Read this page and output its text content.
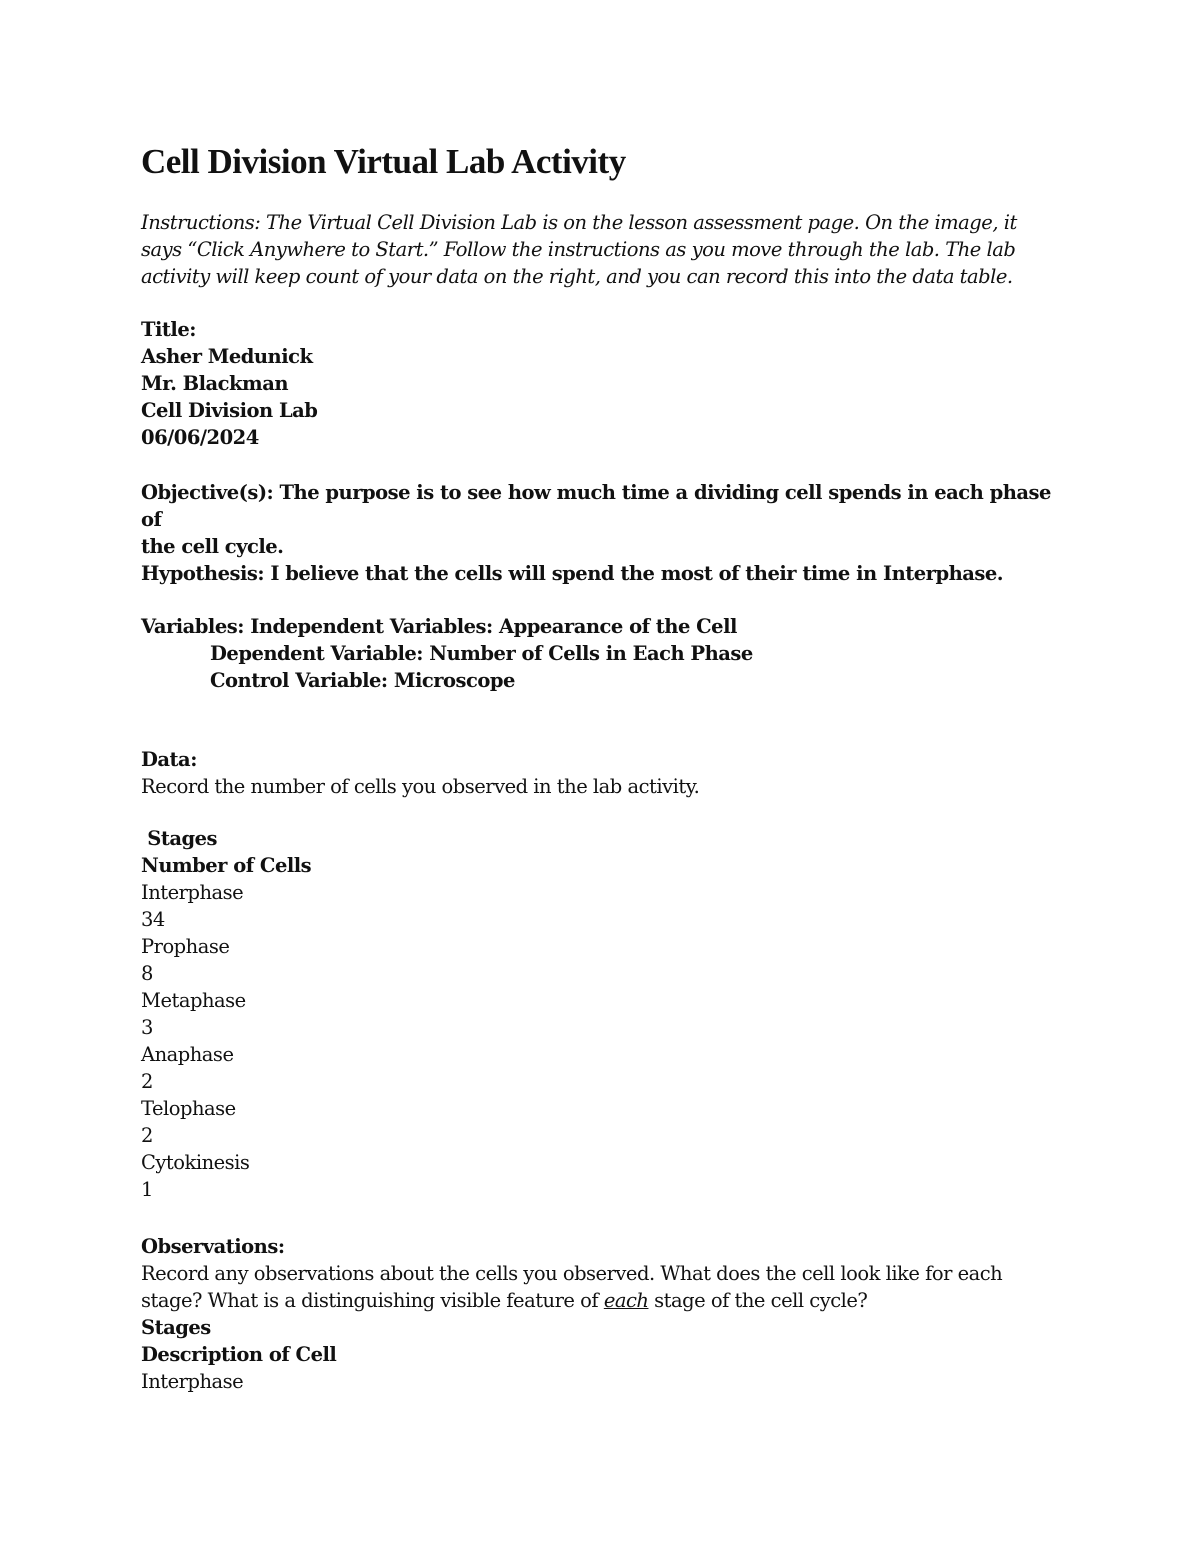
Cell Division Virtual Lab Activity

Instructions: The Virtual Cell Division Lab is on the lesson assessment page. On the image, it

says “Click Anywhere to Start.” Follow the instructions as you move through the lab. The lab

activity will keep count of your data on the right, and you can record this into the data table.

Title:

Asher Medunick

Mr. Blackman

Cell Division Lab

06/06/2024

Objective(s): The purpose is to see how much time a dividing cell spends in each phase of

the cell cycle.

Hypothesis: I believe that the cells will spend the most of their time in Interphase.

Variables: Independent Variables: Appearance of the Cell

Dependent Variable: Number of Cells in Each Phase

Control Variable: Microscope

Data:

Record the number of cells you observed in the lab activity.

Stages

Number of Cells

Interphase

34

Prophase

8

Metaphase

3

Anaphase

2

Telophase

2

Cytokinesis

1

Observations:

Record any observations about the cells you observed. What does the cell look like for each

stage? What is a distinguishing visible feature of each stage of the cell cycle?

Stages

Description of Cell

Interphase
